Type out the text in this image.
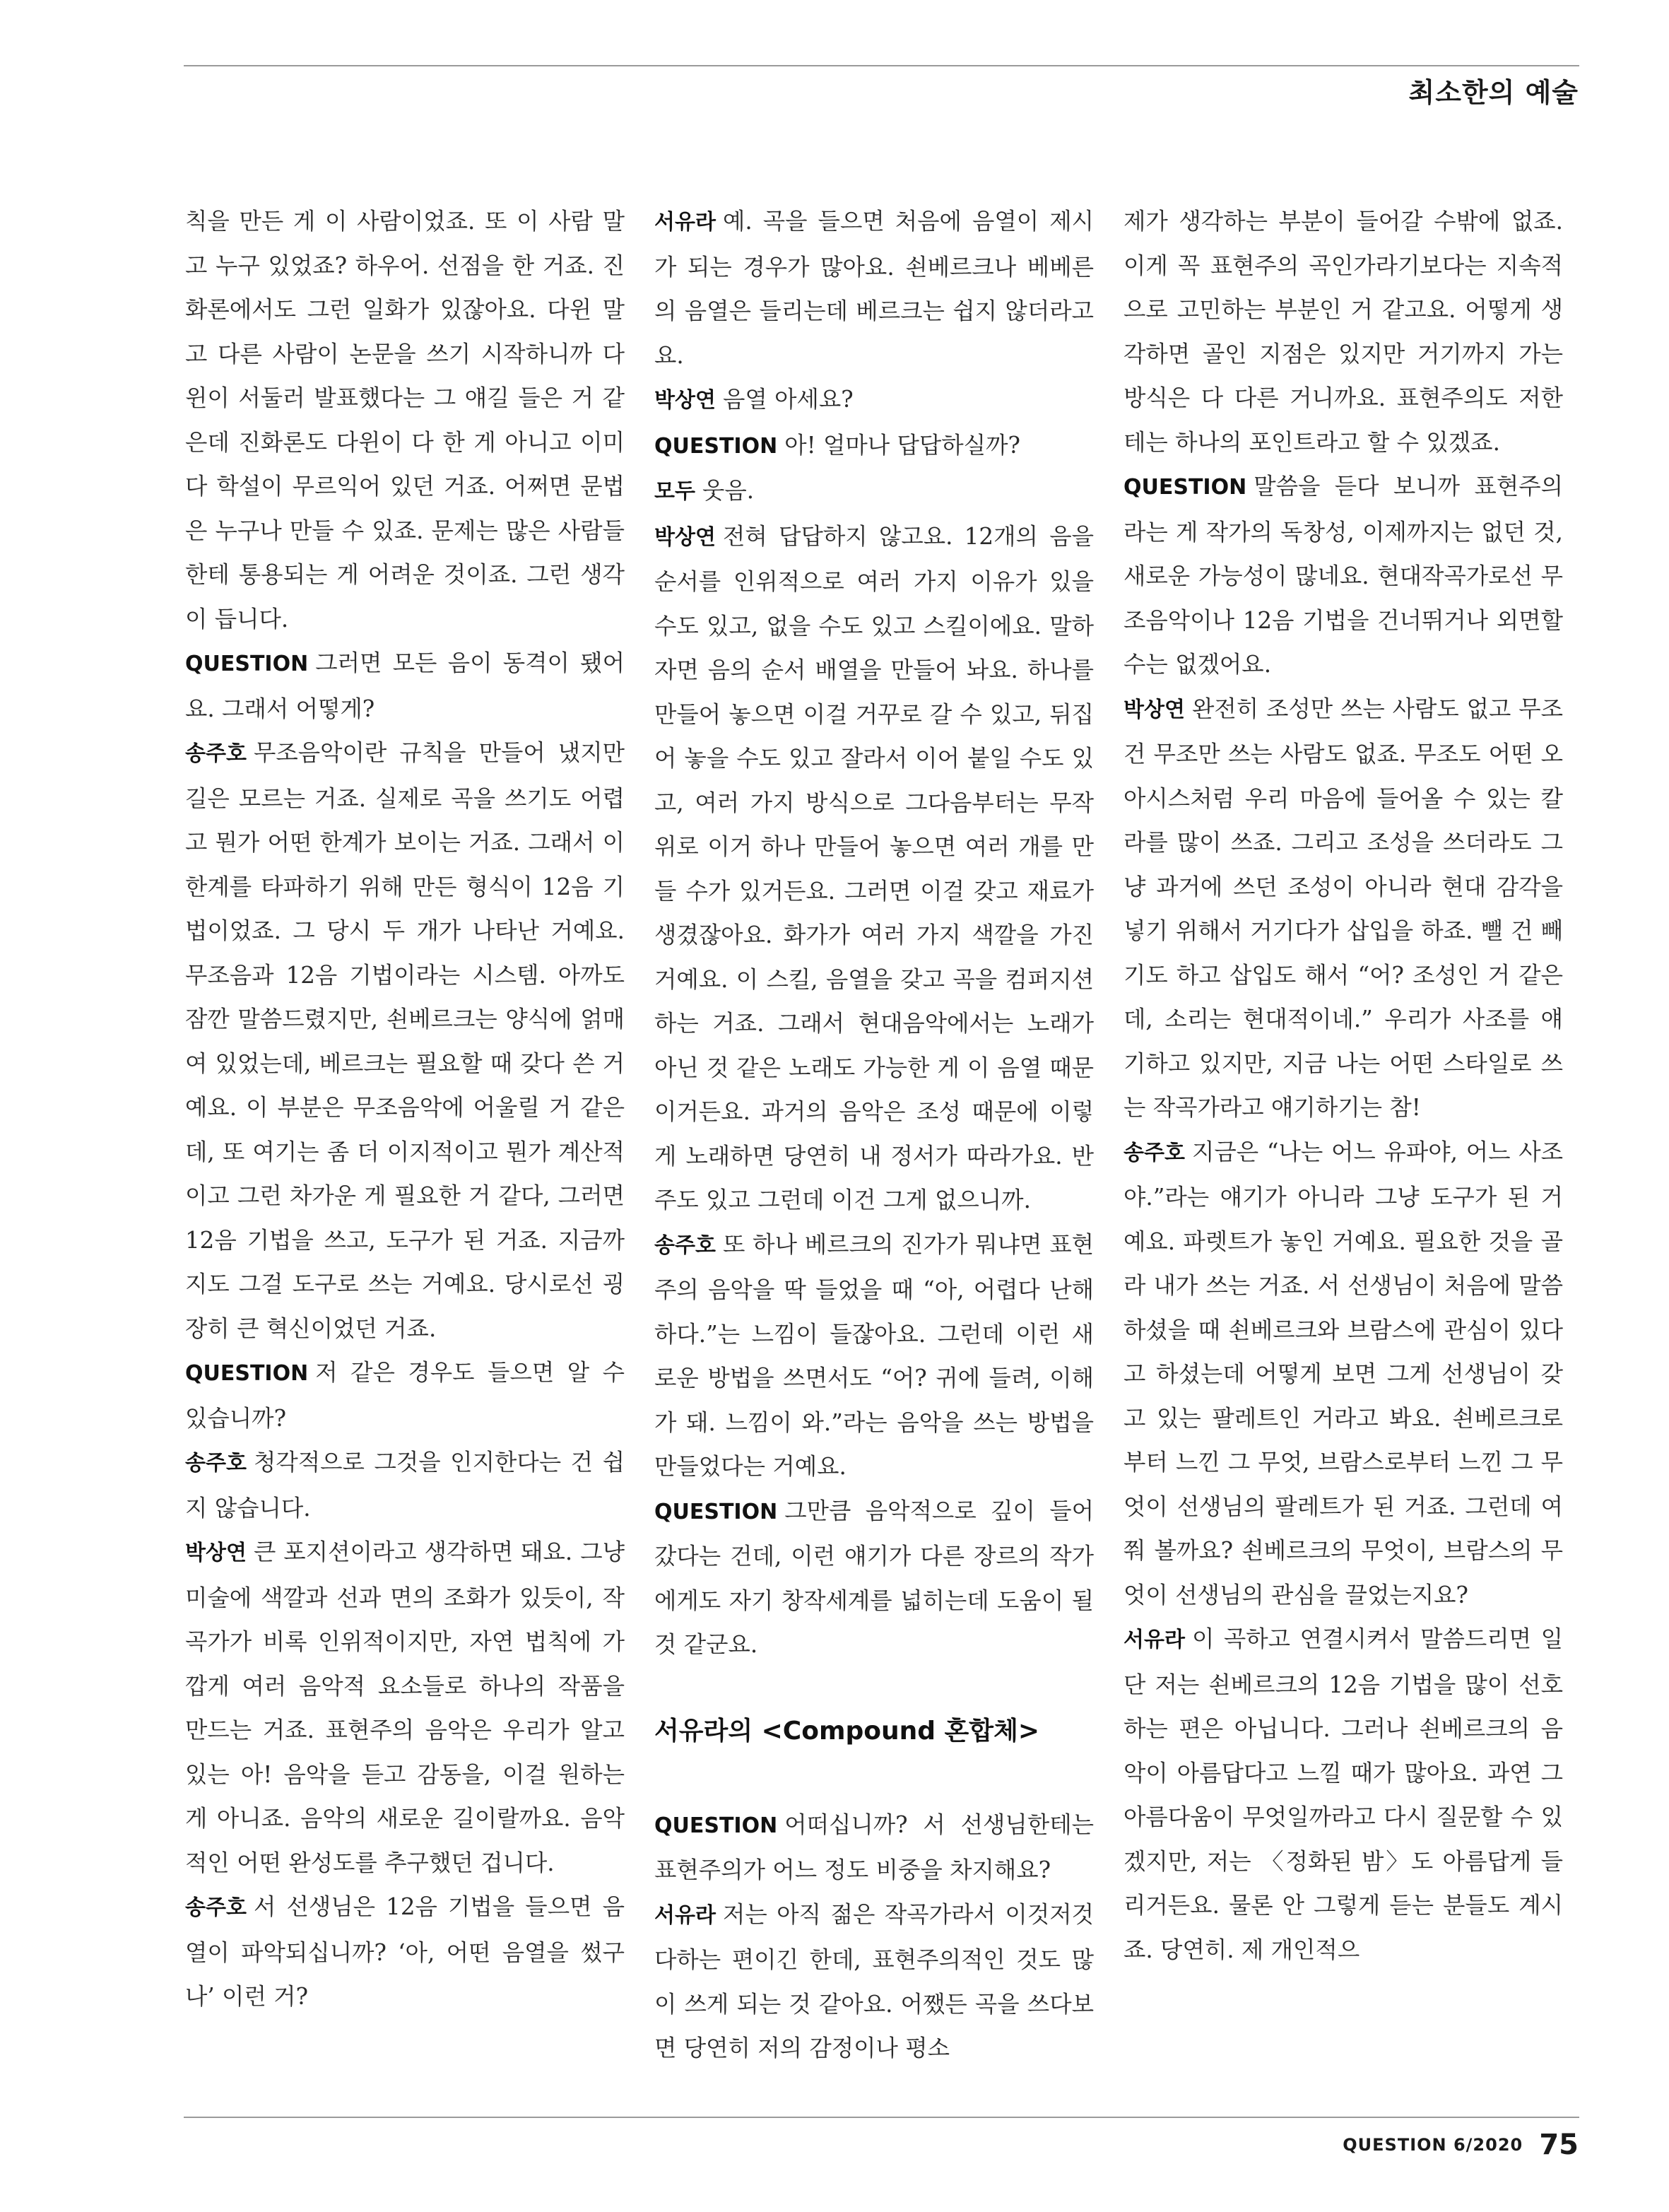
최소한의 예술

칙을 만든 게 이 사람이었죠. 또 이 사람 말고 누구 있었죠? 하우어. 선점을 한 거죠. 진화론에서도 그런 일화가 있잖아요. 다윈 말고 다른 사람이 논문을 쓰기 시작하니까 다윈이 서둘러 발표했다는 그 얘길 들은 거 같은데 진화론도 다윈이 다 한 게 아니고 이미 다 학설이 무르익어 있던 거죠. 어쩌면 문법은 누구나 만들 수 있죠. 문제는 많은 사람들한테 통용되는 게 어려운 것이죠. 그런 생각이 듭니다.

QUESTION 그러면 모든 음이 동격이 됐어요. 그래서 어떻게?

송주호 무조음악이란 규칙을 만들어 냈지만 길은 모르는 거죠. 실제로 곡을 쓰기도 어렵고 뭔가 어떤 한계가 보이는 거죠. 그래서 이 한계를 타파하기 위해 만든 형식이 12음 기법이었죠. 그 당시 두 개가 나타난 거예요. 무조음과 12음 기법이라는 시스템. 아까도 잠깐 말씀드렸지만, 쇤베르크는 양식에 얽매여 있었는데, 베르크는 필요할 때 갖다 쓴 거예요. 이 부분은 무조음악에 어울릴 거 같은데, 또 여기는 좀 더 이지적이고 뭔가 계산적이고 그런 차가운 게 필요한 거 같다, 그러면 12음 기법을 쓰고, 도구가 된 거죠. 지금까지도 그걸 도구로 쓰는 거예요. 당시로선 굉장히 큰 혁신이었던 거죠.

QUESTION 저 같은 경우도 들으면 알 수 있습니까?

송주호 청각적으로 그것을 인지한다는 건 쉽지 않습니다.

박상연 큰 포지션이라고 생각하면 돼요. 그냥 미술에 색깔과 선과 면의 조화가 있듯이, 작곡가가 비록 인위적이지만, 자연 법칙에 가깝게 여러 음악적 요소들로 하나의 작품을 만드는 거죠. 표현주의 음악은 우리가 알고 있는 아! 음악을 듣고 감동을, 이걸 원하는 게 아니죠. 음악의 새로운 길이랄까요. 음악적인 어떤 완성도를 추구했던 겁니다.

송주호 서 선생님은 12음 기법을 들으면 음열이 파악되십니까? ‘아, 어떤 음열을 썼구나’ 이런 거?

서유라 예. 곡을 들으면 처음에 음열이 제시가 되는 경우가 많아요. 쇤베르크나 베베른의 음열은 들리는데 베르크는 쉽지 않더라고요.

박상연 음열 아세요?

QUESTION 아! 얼마나 답답하실까?

모두 웃음.

박상연 전혀 답답하지 않고요. 12개의 음을 순서를 인위적으로 여러 가지 이유가 있을 수도 있고, 없을 수도 있고 스킬이에요. 말하자면 음의 순서 배열을 만들어 놔요. 하나를 만들어 놓으면 이걸 거꾸로 갈 수 있고, 뒤집어 놓을 수도 있고 잘라서 이어 붙일 수도 있고, 여러 가지 방식으로 그다음부터는 무작위로 이거 하나 만들어 놓으면 여러 개를 만들 수가 있거든요. 그러면 이걸 갖고 재료가 생겼잖아요. 화가가 여러 가지 색깔을 가진 거예요. 이 스킬, 음열을 갖고 곡을 컴퍼지션하는 거죠. 그래서 현대음악에서는 노래가 아닌 것 같은 노래도 가능한 게 이 음열 때문이거든요. 과거의 음악은 조성 때문에 이렇게 노래하면 당연히 내 정서가 따라가요. 반주도 있고 그런데 이건 그게 없으니까.

송주호 또 하나 베르크의 진가가 뭐냐면 표현주의 음악을 딱 들었을 때 “아, 어렵다 난해하다.”는 느낌이 들잖아요. 그런데 이런 새로운 방법을 쓰면서도 “어? 귀에 들려, 이해가 돼. 느낌이 와.”라는 음악을 쓰는 방법을 만들었다는 거예요.

QUESTION 그만큼 음악적으로 깊이 들어갔다는 건데, 이런 얘기가 다른 장르의 작가에게도 자기 창작세계를 넓히는데 도움이 될 것 같군요.

서유라의 <Compound 혼합체>

QUESTION 어떠십니까? 서 선생님한테는 표현주의가 어느 정도 비중을 차지해요?

서유라 저는 아직 젊은 작곡가라서 이것저것 다하는 편이긴 한데, 표현주의적인 것도 많이 쓰게 되는 것 같아요. 어쨌든 곡을 쓰다보면 당연히 저의 감정이나 평소

제가 생각하는 부분이 들어갈 수밖에 없죠. 이게 꼭 표현주의 곡인가라기보다는 지속적으로 고민하는 부분인 거 같고요. 어떻게 생각하면 골인 지점은 있지만 거기까지 가는 방식은 다 다른 거니까요. 표현주의도 저한테는 하나의 포인트라고 할 수 있겠죠.

QUESTION 말씀을 듣다 보니까 표현주의라는 게 작가의 독창성, 이제까지는 없던 것, 새로운 가능성이 많네요. 현대작곡가로선 무조음악이나 12음 기법을 건너뛰거나 외면할 수는 없겠어요.

박상연 완전히 조성만 쓰는 사람도 없고 무조건 무조만 쓰는 사람도 없죠. 무조도 어떤 오아시스처럼 우리 마음에 들어올 수 있는 칼라를 많이 쓰죠. 그리고 조성을 쓰더라도 그냥 과거에 쓰던 조성이 아니라 현대 감각을 넣기 위해서 거기다가 삽입을 하죠. 뺄 건 빼기도 하고 삽입도 해서 “어? 조성인 거 같은데, 소리는 현대적이네.” 우리가 사조를 얘기하고 있지만, 지금 나는 어떤 스타일로 쓰는 작곡가라고 얘기하기는 참!

송주호 지금은 “나는 어느 유파야, 어느 사조야.”라는 얘기가 아니라 그냥 도구가 된 거예요. 파렛트가 놓인 거예요. 필요한 것을 골라 내가 쓰는 거죠. 서 선생님이 처음에 말씀하셨을 때 쇤베르크와 브람스에 관심이 있다고 하셨는데 어떻게 보면 그게 선생님이 갖고 있는 팔레트인 거라고 봐요. 쇤베르크로부터 느낀 그 무엇, 브람스로부터 느낀 그 무엇이 선생님의 팔레트가 된 거죠. 그런데 여쭤 볼까요? 쇤베르크의 무엇이, 브람스의 무엇이 선생님의 관심을 끌었는지요?

서유라 이 곡하고 연결시켜서 말씀드리면 일단 저는 쇤베르크의 12음 기법을 많이 선호하는 편은 아닙니다. 그러나 쇤베르크의 음악이 아름답다고 느낄 때가 많아요. 과연 그 아름다움이 무엇일까라고 다시 질문할 수 있겠지만, 저는 〈정화된 밤〉도 아름답게 들리거든요. 물론 안 그렇게 듣는 분들도 계시죠. 당연히. 제 개인적으

QUESTION 6/2020 75
